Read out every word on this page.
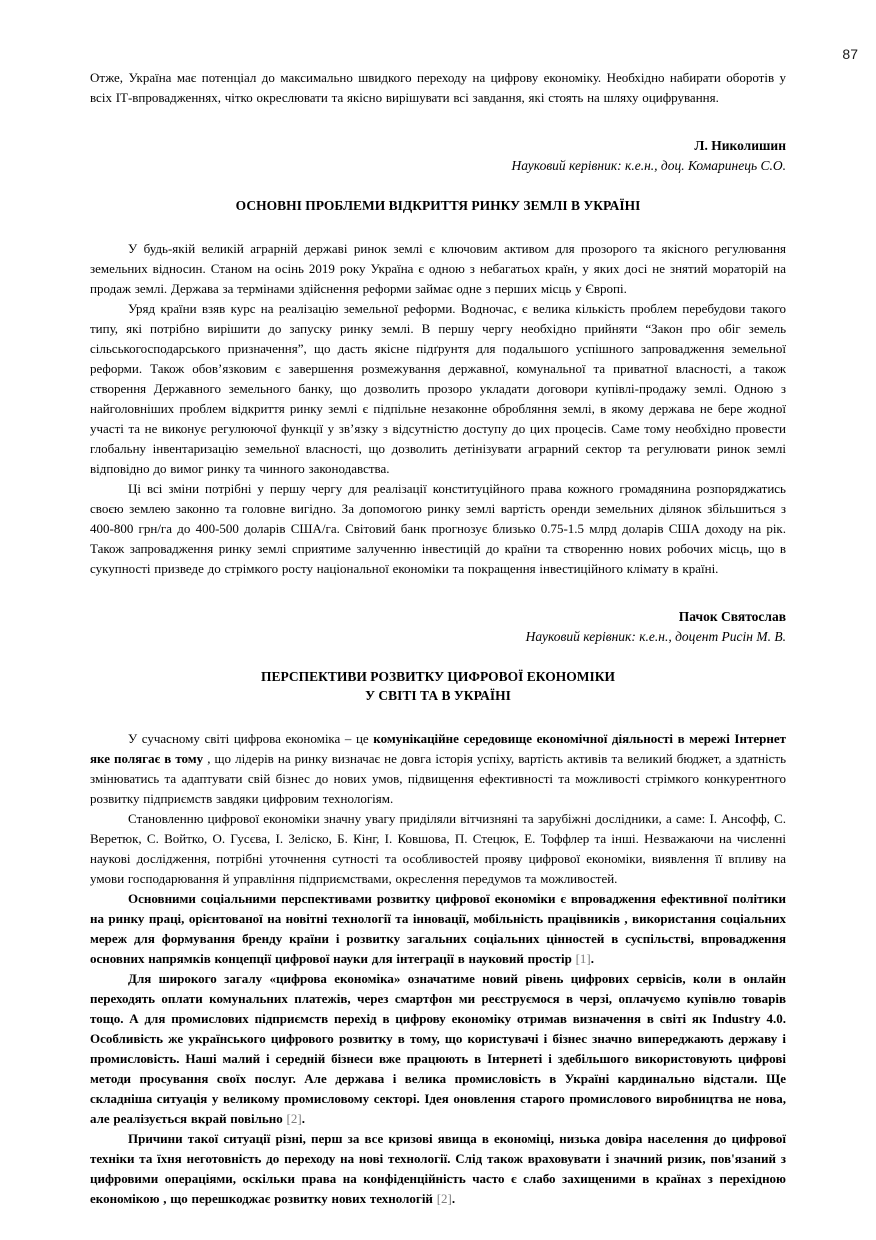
87

Отже, Україна має потенціал до максимально швидкого переходу на цифрову економіку. Необхідно набирати оборотів у всіх ІТ-впровадженнях, чітко окреслювати та якісно вирішувати всі завдання, які стоять на шляху оцифрування.

Л. Николишин
Науковий керівник: к.е.н., доц. Комаринець С.О.
ОСНОВНІ ПРОБЛЕМИ ВІДКРИТТЯ РИНКУ ЗЕМЛІ В УКРАЇНІ

У будь-якій великій аграрній державі ринок землі є ключовим активом для прозорого та якісного регулювання земельних відносин. Станом на осінь 2019 року Україна є одною з небагатьох країн, у яких досі не знятий мораторій на продаж землі. Держава за термінами здійснення реформи займає одне з перших місць у Європі.

Уряд країни взяв курс на реалізацію земельної реформи. Водночас, є велика кількість проблем перебудови такого типу, які потрібно вирішити до запуску ринку землі. В першу чергу необхідно прийняти “Закон про обіг земель сільськогосподарського призначення”, що дасть якісне підґрунтя для подальшого успішного запровадження земельної реформи. Також обов’язковим є завершення розмежування державної, комунальної та приватної власності, а також створення Державного земельного банку, що дозволить прозоро укладати договори купівлі-продажу землі. Одною з найголовніших проблем відкриття ринку землі є підпільне незаконне обробляння землі, в якому держава не бере жодної участі та не виконує регулюючої функції у зв’язку з відсутністю доступу до цих процесів. Саме тому необхідно провести глобальну інвентаризацію земельної власності, що дозволить детінізувати аграрний сектор та регулювати ринок землі відповідно до вимог ринку та чинного законодавства.

Ці всі зміни потрібні у першу чергу для реалізації конституційного права кожного громадянина розпоряджатись своєю землею законно та головне вигідно. За допомогою ринку землі вартість оренди земельних ділянок збільшиться з 400-800 грн/га до 400-500 доларів США/га. Світовий банк прогнозує близько 0.75-1.5 млрд доларів США доходу на рік. Також запровадження ринку землі сприятиме залученню інвестицій до країни та створенню нових робочих місць, що в сукупності призведе до стрімкого росту національної економіки та покращення інвестиційного клімату в країні.

Пачок Святослав
Науковий керівник: к.е.н., доцент Рисін М. В.
ПЕРСПЕКТИВИ РОЗВИТКУ ЦИФРОВОЇ ЕКОНОМІКИ
У СВІТІ ТА В УКРАЇНІ

У сучасному світі цифрова економіка – це комунікаційне середовище економічної діяльності в мережі Інтернет яке полягає в тому , що лідерів на ринку визначає не довга історія успіху, вартість активів та великий бюджет, а здатність змінюватись та адаптувати свій бізнес до нових умов, підвищення ефективності та можливості стрімкого конкурентного розвитку підприємств завдяки цифровим технологіям.

Становленню цифрової економіки значну увагу приділяли вітчизняні та зарубіжні дослідники, а саме: І. Ансофф, С. Веретюк, С. Войтко, О. Гусєва, І. Зеліско, Б. Кінг, І. Ковшова, П. Стецюк, Е. Тоффлер та інші. Незважаючи на численні наукові дослідження, потрібні уточнення сутності та особливостей прояву цифрової економіки, виявлення її впливу на умови господарювання й управління підприємствами, окреслення передумов та можливостей.

Основними соціальними перспективами розвитку цифрової економіки є впровадження ефективної політики на ринку праці, орієнтованої на новітні технології та інновації, мобільність працівників , використання соціальних мереж для формування бренду країни і розвитку загальних соціальних цінностей в суспільстві, впровадження основних напрямків концепції цифрової науки для інтеграції в науковий простір [1].

Для широкого загалу «цифрова економіка» означатиме новий рівень цифрових сервісів, коли в онлайн переходять оплати комунальних платежів, через смартфон ми реєструємося в черзі, оплачуємо купівлю товарів тощо. А для промислових підприємств перехід в цифрову економіку отримав визначення в світі як Industry 4.0. Особливість же українського цифрового розвитку в тому, що користувачі і бізнес значно випереджають державу і промисловість. Наші малий і середній бізнеси вже працюють в Інтернеті і здебільшого використовують цифрові методи просування своїх послуг. Але держава і велика промисловість в Україні кардинально відстали. Ще складніша ситуація у великому промисловому секторі. Ідея оновлення старого промислового виробництва не нова, але реалізується вкрай повільно [2].

Причини такої ситуації різні, перш за все кризові явища в економіці, низька довіра населення до цифрової техніки та їхня неготовність до переходу на нові технології. Слід також враховувати і значний ризик, пов'язаний з цифровими операціями, оскільки права на конфіденційність часто є слабо захищеними в країнах з перехідною економікою , що перешкоджає розвитку нових технологій [2].
